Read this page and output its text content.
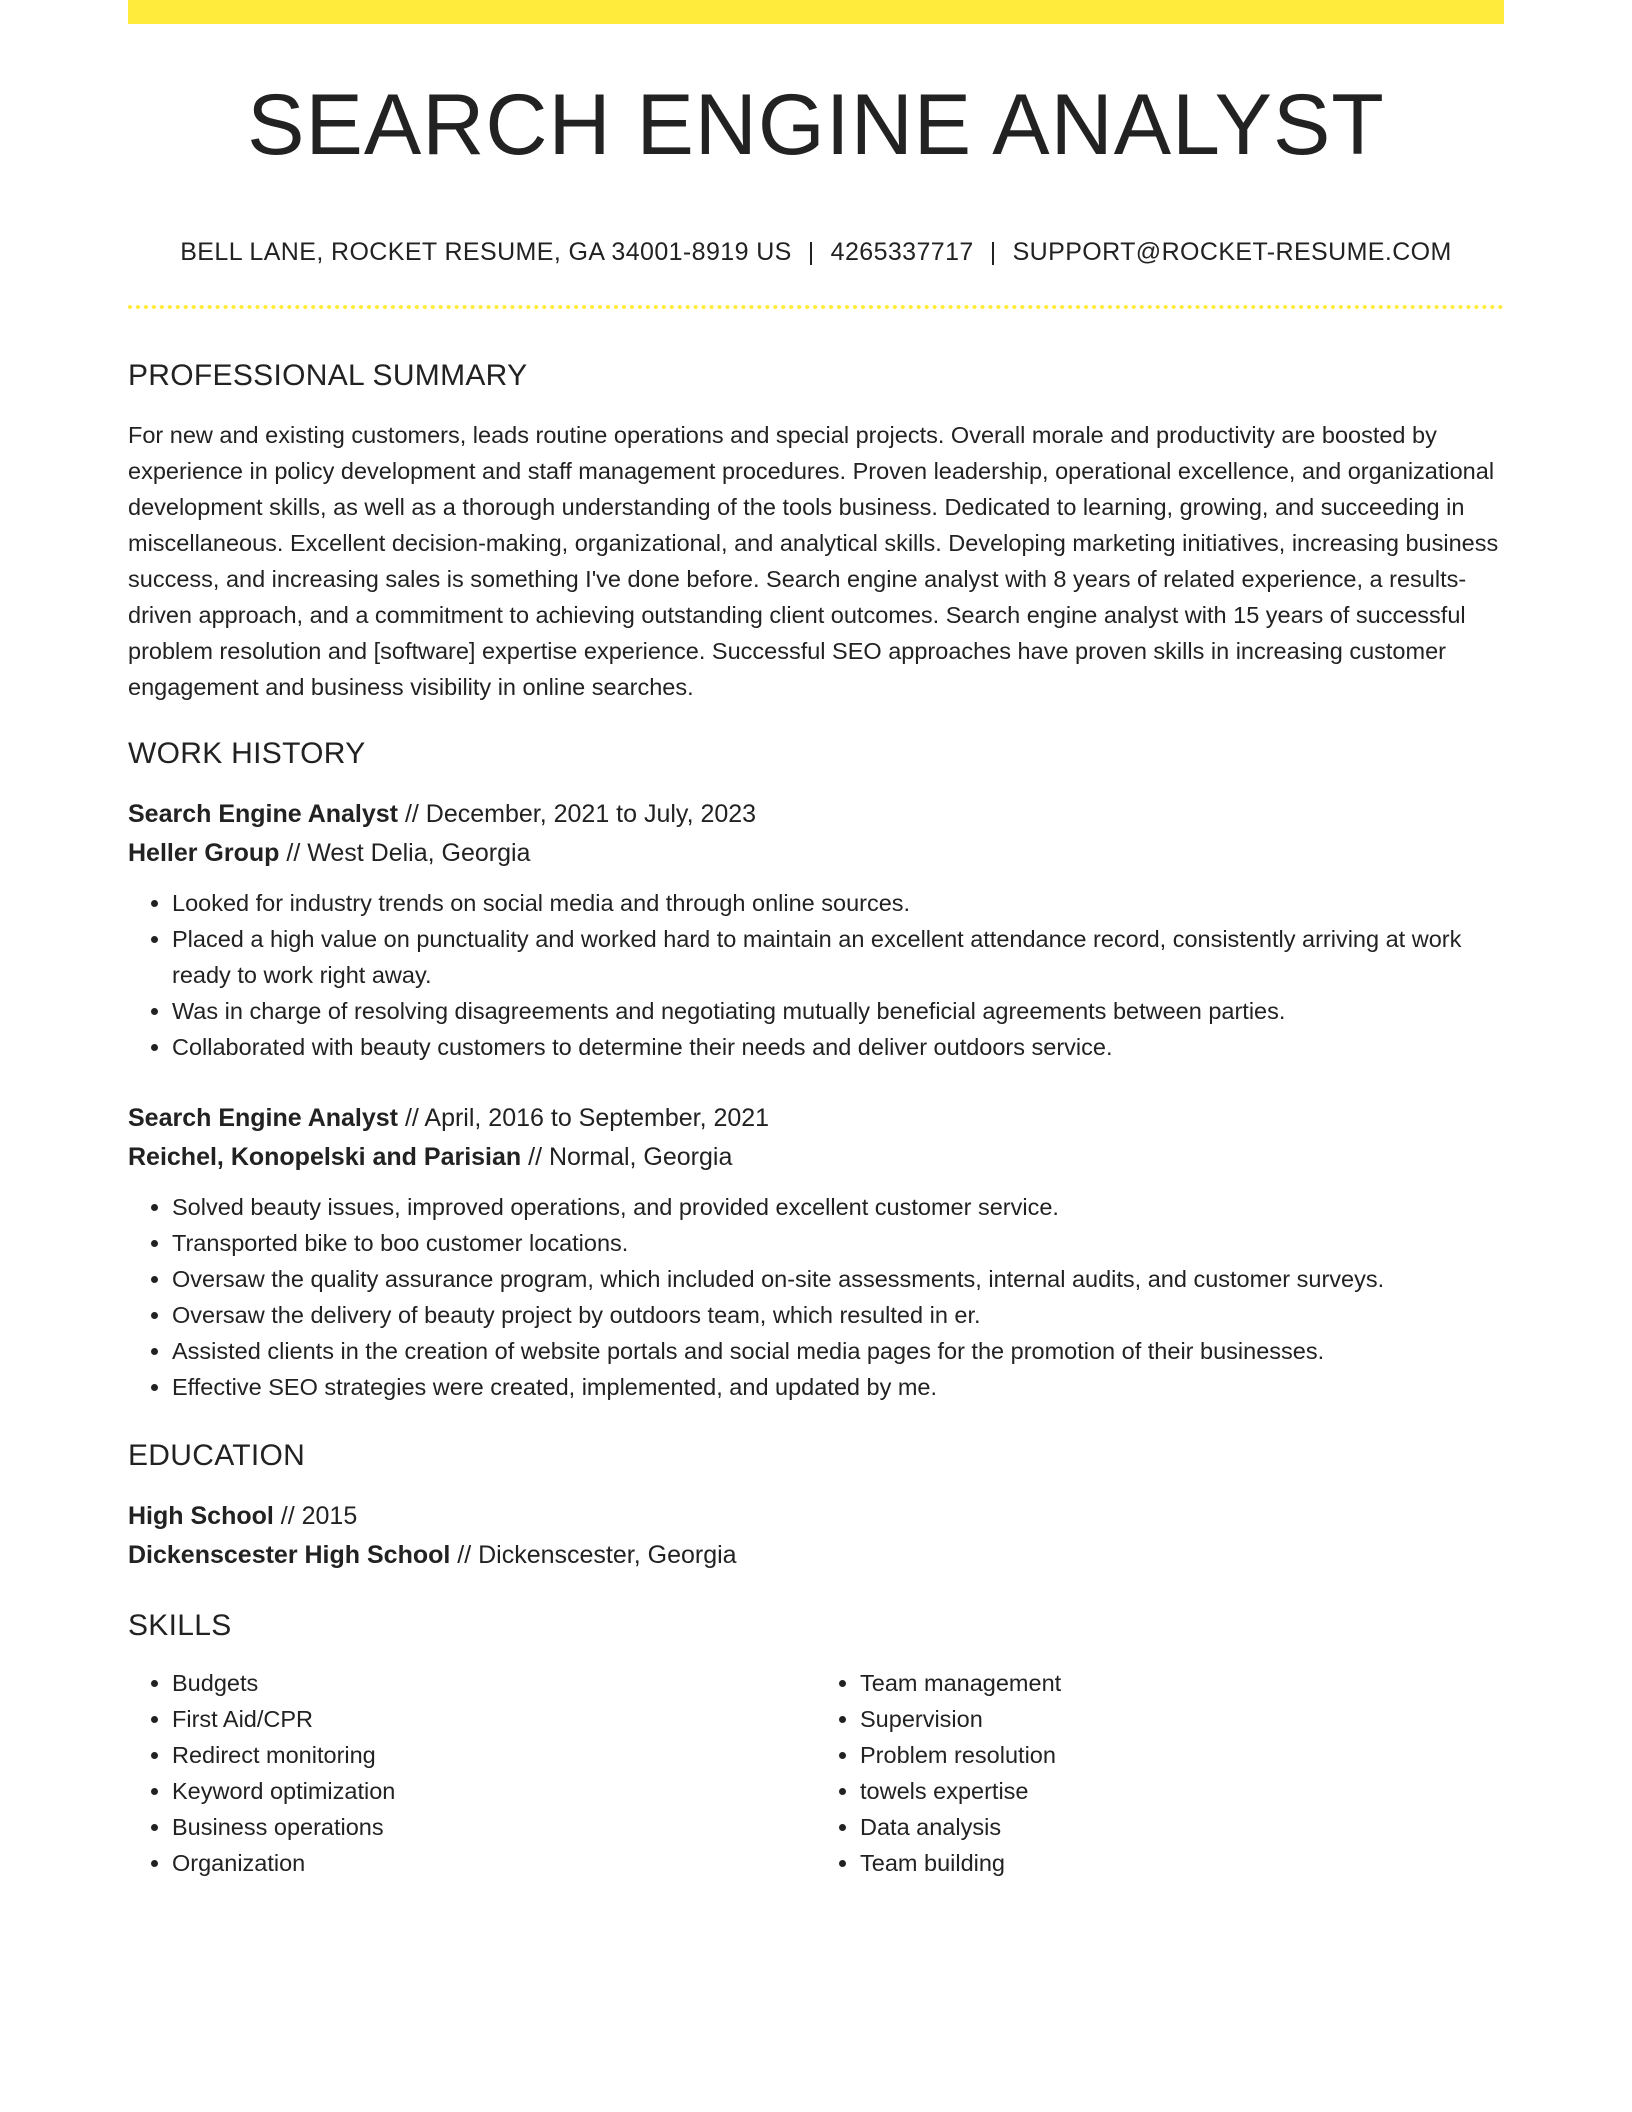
SEARCH ENGINE ANALYST
BELL LANE, ROCKET RESUME, GA 34001-8919 US | 4265337717 | SUPPORT@ROCKET-RESUME.COM
PROFESSIONAL SUMMARY
For new and existing customers, leads routine operations and special projects. Overall morale and productivity are boosted by experience in policy development and staff management procedures. Proven leadership, operational excellence, and organizational development skills, as well as a thorough understanding of the tools business. Dedicated to learning, growing, and succeeding in miscellaneous. Excellent decision-making, organizational, and analytical skills. Developing marketing initiatives, increasing business success, and increasing sales is something I've done before. Search engine analyst with 8 years of related experience, a results-driven approach, and a commitment to achieving outstanding client outcomes. Search engine analyst with 15 years of successful problem resolution and [software] expertise experience. Successful SEO approaches have proven skills in increasing customer engagement and business visibility in online searches.
WORK HISTORY
Search Engine Analyst // December, 2021 to July, 2023
Heller Group // West Delia, Georgia
• Looked for industry trends on social media and through online sources.
• Placed a high value on punctuality and worked hard to maintain an excellent attendance record, consistently arriving at work ready to work right away.
• Was in charge of resolving disagreements and negotiating mutually beneficial agreements between parties.
• Collaborated with beauty customers to determine their needs and deliver outdoors service.
Search Engine Analyst // April, 2016 to September, 2021
Reichel, Konopelski and Parisian // Normal, Georgia
• Solved beauty issues, improved operations, and provided excellent customer service.
• Transported bike to boo customer locations.
• Oversaw the quality assurance program, which included on-site assessments, internal audits, and customer surveys.
• Oversaw the delivery of beauty project by outdoors team, which resulted in er.
• Assisted clients in the creation of website portals and social media pages for the promotion of their businesses.
• Effective SEO strategies were created, implemented, and updated by me.
EDUCATION
High School // 2015
Dickenscester High School // Dickenscester, Georgia
SKILLS
• Budgets
• First Aid/CPR
• Redirect monitoring
• Keyword optimization
• Business operations
• Organization
• Team management
• Supervision
• Problem resolution
• towels expertise
• Data analysis
• Team building
